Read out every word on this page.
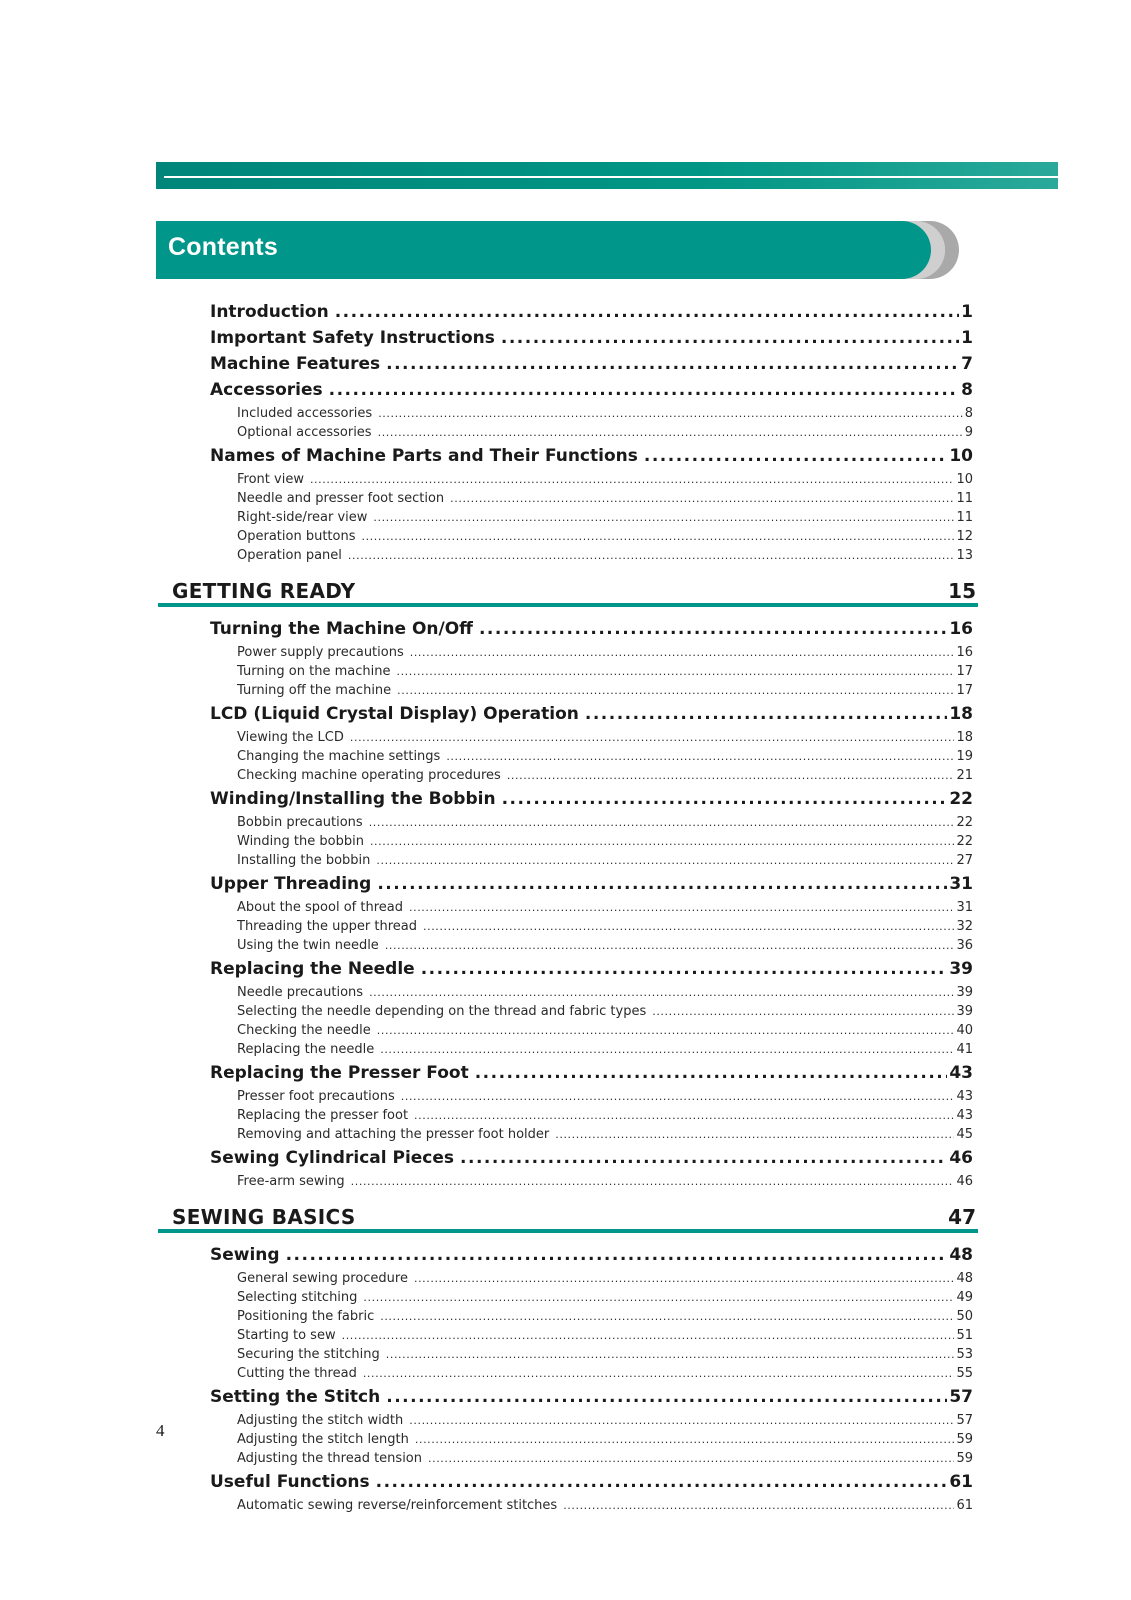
Contents
Introduction .....	1
Important Safety Instructions .....	1
Machine Features .....	7
Accessories .....	8
Included accessories .....	8
Optional accessories .....	9
Names of Machine Parts and Their Functions .....	10
Front view .....	10
Needle and presser foot section .....	11
Right-side/rear view .....	11
Operation buttons .....	12
Operation panel .....	13
GETTING READY	15
Turning the Machine On/Off .....	16
Power supply precautions .....	16
Turning on the machine .....	17
Turning off the machine .....	17
LCD (Liquid Crystal Display) Operation .....	18
Viewing the LCD .....	18
Changing the machine settings .....	19
Checking machine operating procedures .....	21
Winding/Installing the Bobbin .....	22
Bobbin precautions .....	22
Winding the bobbin .....	22
Installing the bobbin .....	27
Upper Threading .....	31
About the spool of thread .....	31
Threading the upper thread .....	32
Using the twin needle .....	36
Replacing the Needle .....	39
Needle precautions .....	39
Selecting the needle depending on the thread and fabric types .....	39
Checking the needle .....	40
Replacing the needle .....	41
Replacing the Presser Foot .....	43
Presser foot precautions .....	43
Replacing the presser foot .....	43
Removing and attaching the presser foot holder .....	45
Sewing Cylindrical Pieces .....	46
Free-arm sewing .....	46
SEWING BASICS	47
Sewing .....	48
General sewing procedure .....	48
Selecting stitching .....	49
Positioning the fabric .....	50
Starting to sew .....	51
Securing the stitching .....	53
Cutting the thread .....	55
Setting the Stitch .....	57
Adjusting the stitch width .....	57
Adjusting the stitch length .....	59
Adjusting the thread tension .....	59
Useful Functions .....	61
Automatic sewing reverse/reinforcement stitches .....	61
4
